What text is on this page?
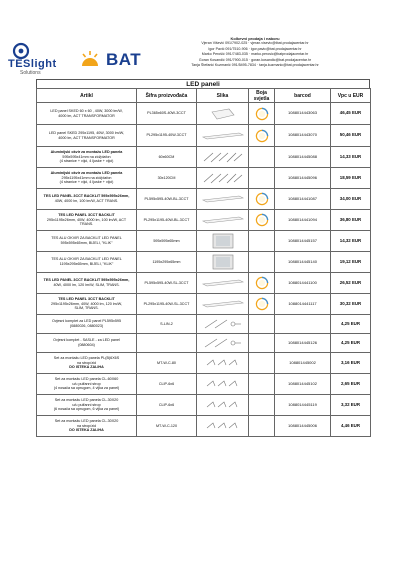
TESlight
Solutions
BAT
Kolkevni prodaja i naboru
Vjeran Višević 091/7902-025 · vjeran.visevic@tbat.prodajacentar.hr
Igor Pavić 091/7510-906 · igor.pavic@bat.prodajacentar.hr
Marko Perošić 091/7483-035 · marko.perosic@batprodajacentar.hr
Goran Kosandić 091/7900-015 · goran.kosandic@bat.prodajacentar.hr
Tanja Štefanić Kuzmanić 091/5495-7834 · tanja.kuzmanic@bat.prodajacentar.hr
LED paneli
Artikl	Šifra proizvođača	Slika	Boja svjetla	barcod	Vpc u EUR

LED panel SKED 60 x 60 , 40W, 3000 lm/W,
4000 lm, ACT TRANSFORMATOR	PL365x60S-40W-3CCT			1088014443063	46,45 EUR

LED panel SKED 295x1195, 40W, 3000 lm/W,
4000 lm, ACT TRANSFORMATOR	PL295x1195-40W-3CCT			1088014443070	50,46 EUR

Aluminijski okvir za montažu LED panela
595x595x41mm na zid/plafon
(4 stranice + vijci, 4 ljuske + vijci)	60x60CM			1088014445088	14,33 EUR

Aluminijski okvir za montažu LED panela
295x1195x41mm na zid/plafon
(4 stranice + vijci, 4 ljuske + vijci)	30x120CM			1088014445096	18,59 EUR

TES LED PANEL 3CCT BACKLIT 595x595x26mm,
40W, 4000 lm, 100 lm/W, ACT TRANS.	PL595x595-40W-BL-3CCT			1088014441087	34,00 EUR

TES LED PANEL 3CCT BACKLIT
295x1195x26mm, 40W, 4000 lm, 100 lm/W, ACT
TRANS.	PL295x1195-40W-BL-3CCT			1088014441094	36,80 EUR

TES ALU OKVIR ZA BACKLIT LED PANEL
595x595x65mm, BIJELI, "KLIK"	595x595x65mm			1088014445157	14,32 EUR

TES ALU OKVIR ZA BACKLIT LED PANEL
1195x295x65mm, BIJELI, "KLIK"	1195x295x65mm			1088014445140	19,12 EUR

TES LED PANEL 3CCT BACKLIT 595x595x26mm,
40W, 4000 lm, 120 lm/W, SLIM, TRANS.	PL595x595-40W-SL-3CCT			1088014441100	26,52 EUR

TES LED PANEL 3CCT BACKLIT
295x1195x26mm, 40W, 4000 lm, 120 lm/W,
SLIM, TRANS.	PL295x1195-40W-SL-3CCT			1088014441117	30,32 EUR

Ovjesni komplet za LED panel PL595x595
(0880026, 0880023)	S-LIN-2				4,25 EUR

Ovjesni komplet - SASLE - za LED panel
(0880604)				1088014445126	4,25 EUR

Set za montažu LED panela PL(B)6X6S
na strop/zid
DO ISTEKA ZALIHA	MT-W-C-80			108801445002	3,16 EUR

Set za montažu LED panela CL-60X60
u/u pulfanni strop
(4 nosača sa oprugom, 4 vijka za panel)	CLIP-6x6			1088014445102	2,65 EUR

Set za montažu LED panela CL-30X20
u/u pulfanni strop
(6 nosača sa oprugom, 6 vijka za panel)	CLIP-6x6			1088014445119	3,32 EUR

Set za montažu LED panela CL-30X20
na strop/zid
DO ISTEKA ZALIHA	MT-W-C-120			1088014445006	4,46 EUR
